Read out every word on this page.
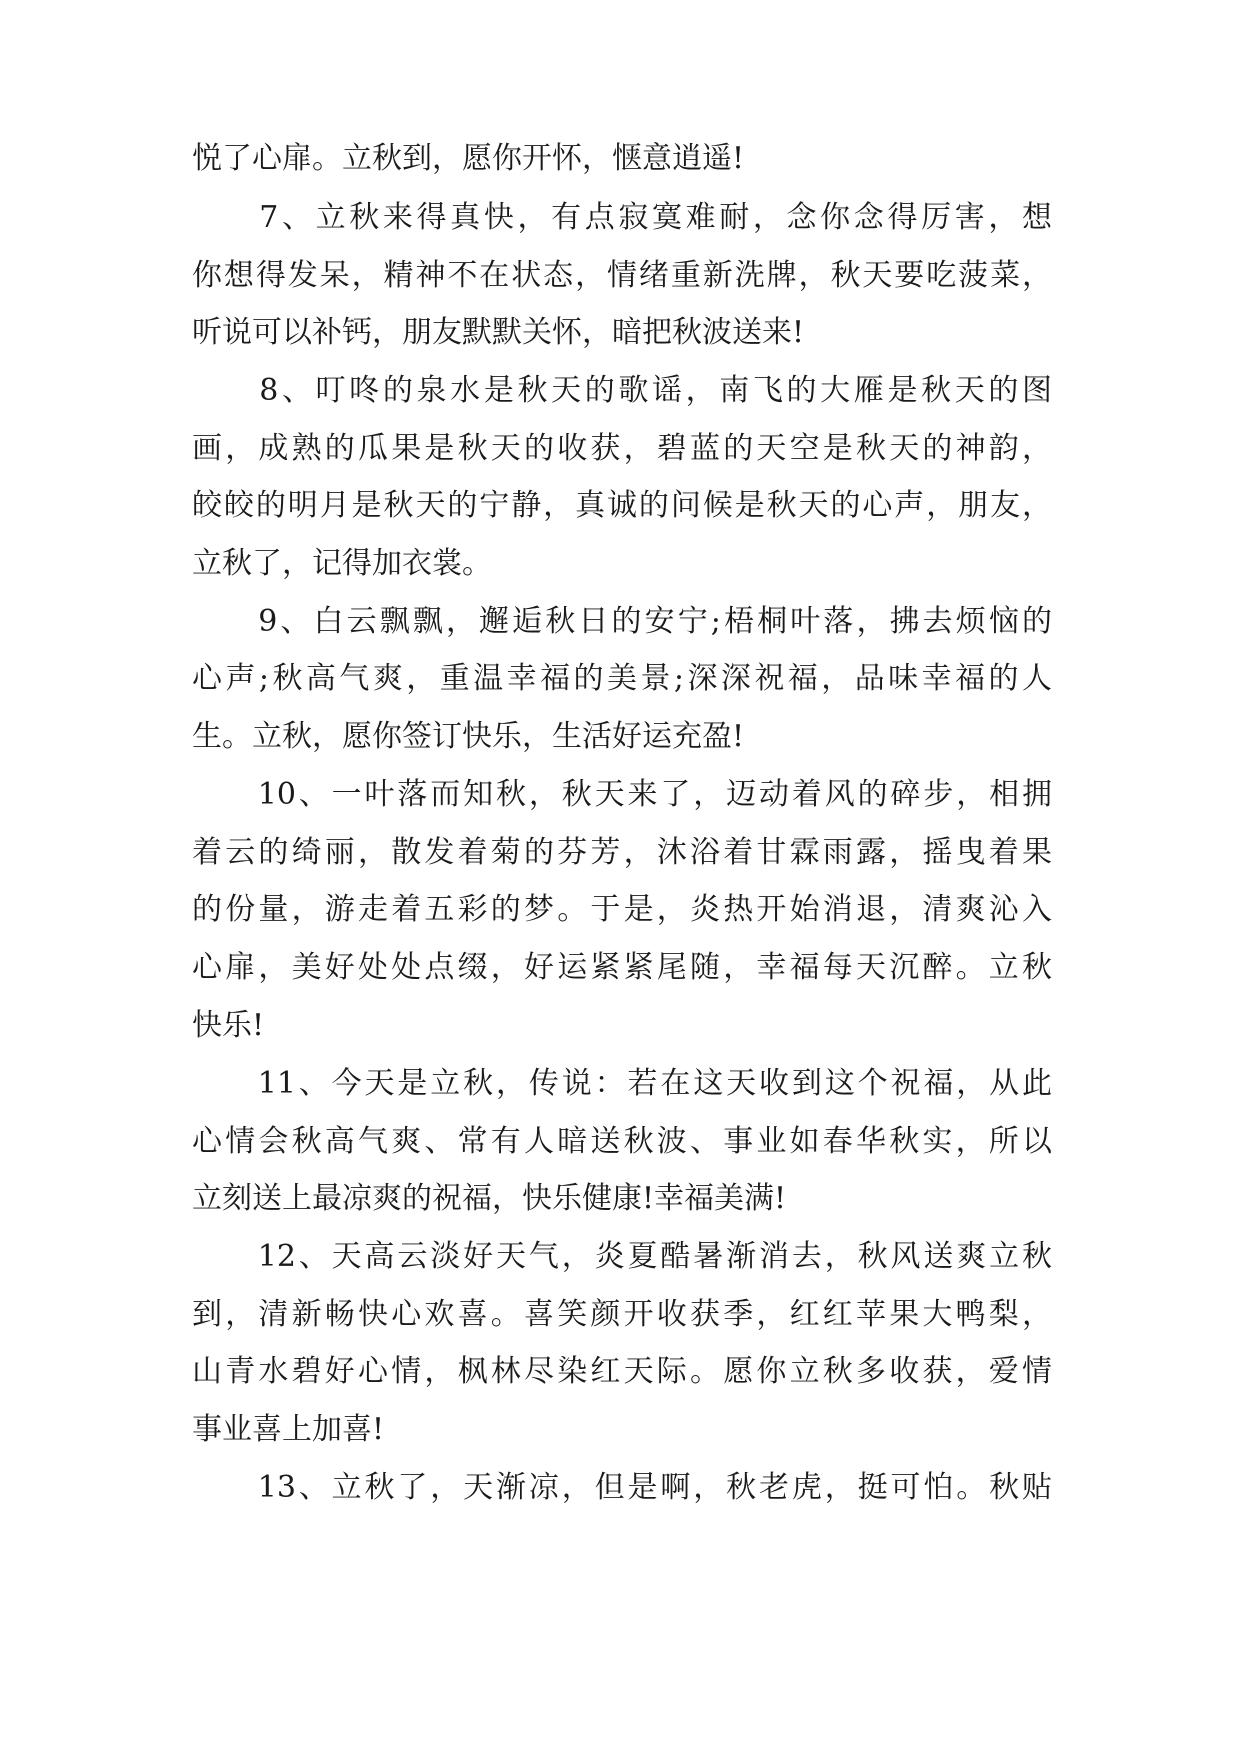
悦了心扉。立秋到，愿你开怀，惬意逍遥!
　　7、立秋来得真快，有点寂寞难耐，念你念得厉害，想
你想得发呆，精神不在状态，情绪重新洗牌，秋天要吃菠菜，
听说可以补钙，朋友默默关怀，暗把秋波送来!
　　8、叮咚的泉水是秋天的歌谣，南飞的大雁是秋天的图
画，成熟的瓜果是秋天的收获，碧蓝的天空是秋天的神韵，
皎皎的明月是秋天的宁静，真诚的问候是秋天的心声，朋友，
立秋了，记得加衣裳。
　　9、白云飘飘，邂逅秋日的安宁;梧桐叶落，拂去烦恼的
心声;秋高气爽，重温幸福的美景;深深祝福，品味幸福的人
生。立秋，愿你签订快乐，生活好运充盈!
　　10、一叶落而知秋，秋天来了，迈动着风的碎步，相拥
着云的绮丽，散发着菊的芬芳，沐浴着甘霖雨露，摇曳着果
的份量，游走着五彩的梦。于是，炎热开始消退，清爽沁入
心扉，美好处处点缀，好运紧紧尾随，幸福每天沉醉。立秋
快乐!
　　11、今天是立秋，传说：若在这天收到这个祝福，从此
心情会秋高气爽、常有人暗送秋波、事业如春华秋实，所以
立刻送上最凉爽的祝福，快乐健康!幸福美满!
　　12、天高云淡好天气，炎夏酷暑渐消去，秋风送爽立秋
到，清新畅快心欢喜。喜笑颜开收获季，红红苹果大鸭梨，
山青水碧好心情，枫林尽染红天际。愿你立秋多收获，爱情
事业喜上加喜!
　　13、立秋了，天渐凉，但是啊，秋老虎，挺可怕。秋贴
